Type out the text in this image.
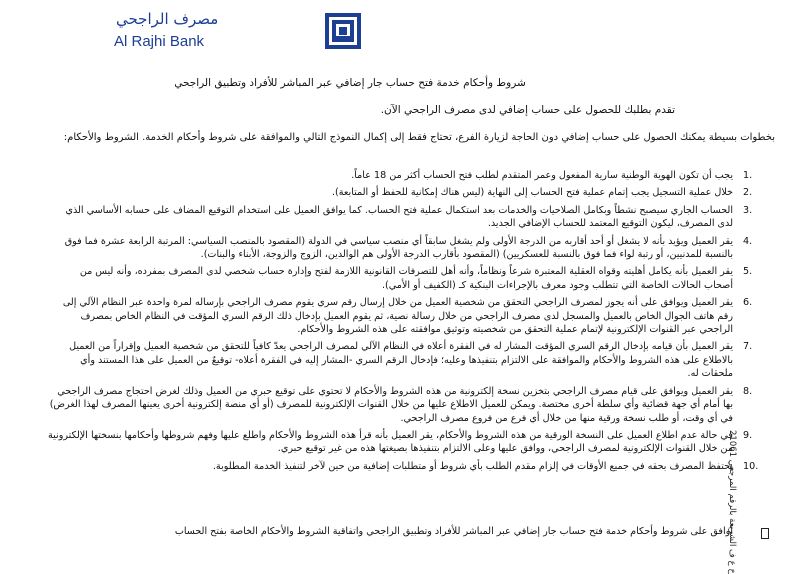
مصرف الراجحي
Al Rajhi Bank
شروط وأحكام خدمة فتح حساب جار إضافي عبر المباشر للأفراد وتطبيق الراجحي
تقدم بطلبك للحصول على حساب إضافي لدى مصرف الراجحي الآن.
بخطوات بسيطة يمكنك الحصول على حساب إضافي دون الحاجة لزيارة الفرع، تحتاج فقط إلى إكمال النموذج التالي والموافقة على شروط وأحكام الخدمة. الشروط والأحكام:
1.
يجب أن تكون الهوية الوطنية سارية المفعول وعمر المتقدم لطلب فتح الحساب أكثر من 18 عاماً.
2.
خلال عملية التسجيل يجب إتمام عملية فتح الحساب إلى النهاية (ليس هناك إمكانية للحفظ أو المتابعة).
3.
الحساب الجاري سيصبح نشطاً وبكامل الصلاحيات والخدمات بعد استكمال عملية فتح الحساب. كما يوافق العميل على استخدام التوقيع المضاف على حسابه الأساسي الذي لدى المصرف، ليكون التوقيع المعتمد للحساب الإضافي الجديد.
4.
يقر العميل ويؤيد بأنه لا يشغل أو أحد أقاربه من الدرجة الأولى ولم يشغل سابقاً أي منصب سياسي في الدولة (المقصود بالمنصب السياسي: المرتبة الرابعة عشرة فما فوق بالنسبة للمدنيين، أو رتبة لواء فما فوق بالنسبة للعسكريين) (المقصود بأقارب الدرجة الأولى هم الوالدين، الزوج والزوجة، الأبناء والبنات).
5.
يقر العميل بأنه يكامل أهليته وقواه العقلية المعتبرة شرعاً ونظاماً، وأنه أهل للتصرفات القانونية اللازمة لفتح وإدارة حساب شخصي لدى المصرف بمفرده، وأنه ليس من أصحاب الحالات الخاصة التي تتطلب وجود معرف بالإجراءات البنكية كـ (الكفيف أو الأمي).
6.
يقر العميل ويوافق على أنه يجوز لمصرف الراجحي التحقق من شخصية العميل من خلال إرسال رقم سري يقوم مصرف الراجحي بإرساله لمرة واحدة عبر النظام الآلي إلى رقم هاتف الجوال الخاص بالعميل والمسجل لدى مصرف الراجحي من خلال رسالة نصية، ثم يقوم العميل بإدخال ذلك الرقم السري المؤقت في النظام الخاص بمصرف الراجحي عبر القنوات الإلكترونية لإتمام عملية التحقق من شخصيته وتوثيق موافقته على هذه الشروط والأحكام.
7.
يقر العميل بأن قيامه بإدخال الرقم السري المؤقت المشار له في الفقرة أعلاه في النظام الآلي لمصرف الراجحي يعدّ كافياً للتحقق من شخصية العميل وإقراراً من العميل بالاطلاع على هذه الشروط والأحكام والموافقة على الالتزام بتنفيذها وعليه؛ فإدخال الرقم السري -المشار إليه في الفقرة أعلاه- توقيعٌ من العميل على هذا المستند وأي ملحقات له.
8.
يقر العميل ويوافق على قيام مصرف الراجحي بتخزين نسخة إلكترونية من هذه الشروط والأحكام لا تحتوي على توقيع حبري من العميل وذلك لغرض احتجاج مصرف الراجحي بها أمام أي جهة قضائية وأي سلطة أخرى مختصة. ويمكن للعميل الاطلاع عليها من خلال القنوات الإلكترونية للمصرف (أو أي منصة إلكترونية أخرى يعينها المصرف لهذا الغرض) في أي وقت، أو طلب نسخة ورقية منها من خلال أي فرع من فروع مصرف الراجحي.
9.
في حالة عدم اطلاع العميل على النسخة الورقية من هذه الشروط والأحكام، يقر العميل بأنه قرأ هذه الشروط والأحكام واطلع عليها وفهم شروطها وأحكامها بنسختها الإلكترونية من خلال القنوات الإلكترونية لمصرف الراجحي، ووافق عليها وعلى الالتزام بتنفيذها بصيغتها هذه من غير توقيع حبري.
10.
يحتفظ المصرف بحقه في جميع الأوقات في إلزام مقدم الطلب بأي شروط أو متطلبات إضافية من حين لآخر لتنفيذ الخدمة المطلوبة.
خ ع ف الشريعة بالرقم المرجعي 21061
أوافق على شروط وأحكام خدمة فتح حساب جار إضافي عبر المباشر للأفراد وتطبيق الراجحي واتفاقية الشروط والأحكام الخاصة بفتح الحساب
